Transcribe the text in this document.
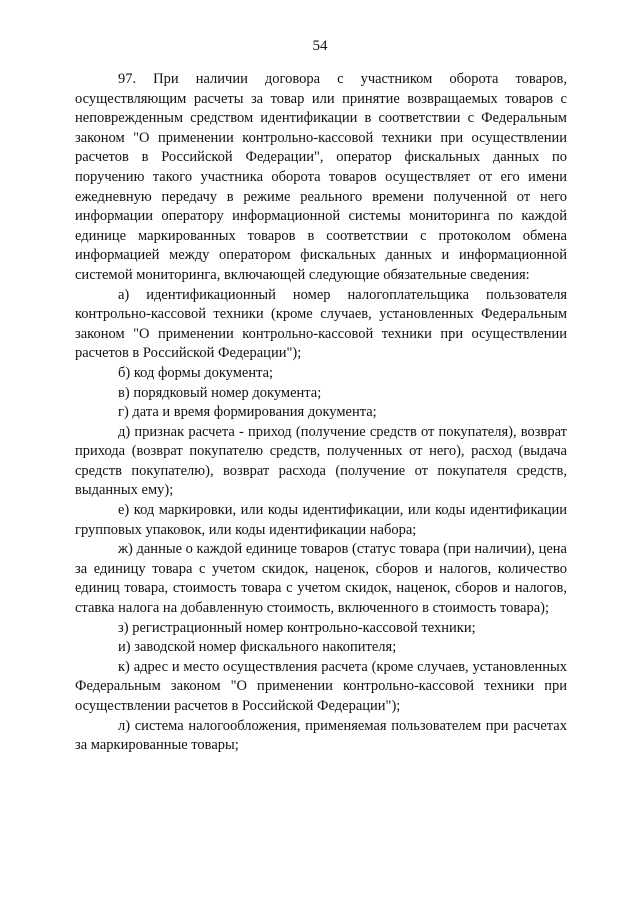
54

97. При наличии договора с участником оборота товаров, осуществляющим расчеты за товар или принятие возвращаемых товаров с неповрежденным средством идентификации в соответствии с Федеральным законом "О применении контрольно-кассовой техники при осуществлении расчетов в Российской Федерации", оператор фискальных данных по поручению такого участника оборота товаров осуществляет от его имени ежедневную передачу в режиме реального времени полученной от него информации оператору информационной системы мониторинга по каждой единице маркированных товаров в соответствии с протоколом обмена информацией между оператором фискальных данных и информационной системой мониторинга, включающей следующие обязательные сведения:

а) идентификационный номер налогоплательщика пользователя контрольно-кассовой техники (кроме случаев, установленных Федеральным законом "О применении контрольно-кассовой техники при осуществлении расчетов в Российской Федерации");

б) код формы документа;

в) порядковый номер документа;

г) дата и время формирования документа;

д) признак расчета - приход (получение средств от покупателя), возврат прихода (возврат покупателю средств, полученных от него), расход (выдача средств покупателю), возврат расхода (получение от покупателя средств, выданных ему);

е) код маркировки, или коды идентификации, или коды идентификации групповых упаковок, или коды идентификации набора;

ж) данные о каждой единице товаров (статус товара (при наличии), цена за единицу товара с учетом скидок, наценок, сборов и налогов, количество единиц товара, стоимость товара с учетом скидок, наценок, сборов и налогов, ставка налога на добавленную стоимость, включенного в стоимость товара);

з) регистрационный номер контрольно-кассовой техники;

и) заводской номер фискального накопителя;

к) адрес и место осуществления расчета (кроме случаев, установленных Федеральным законом "О применении контрольно-кассовой техники при осуществлении расчетов в Российской Федерации");

л) система налогообложения, применяемая пользователем при расчетах за маркированные товары;
